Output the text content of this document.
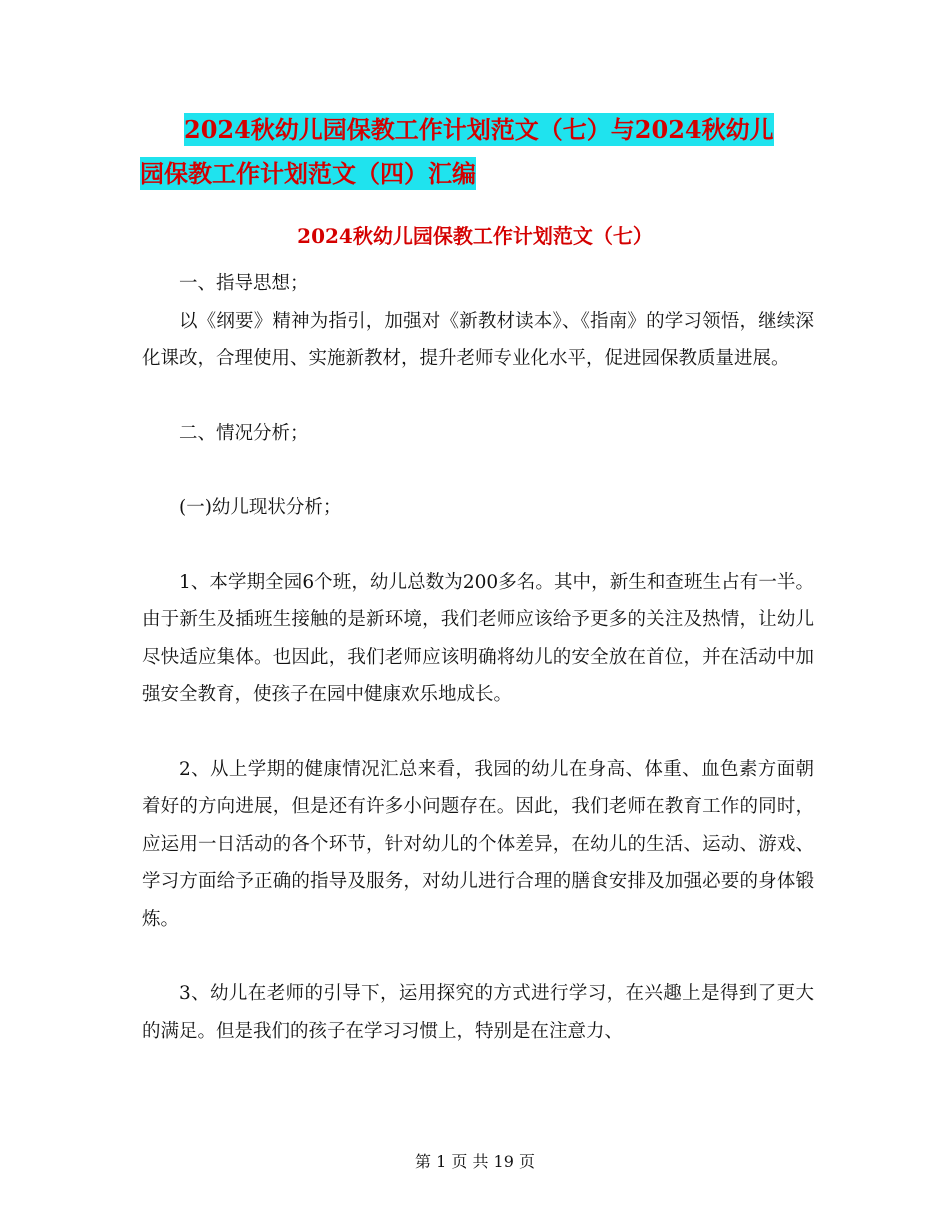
2024秋幼儿园保教工作计划范文（七）与2024秋幼儿
园保教工作计划范文（四）汇编
2024秋幼儿园保教工作计划范文（七）

一、指导思想；

以《纲要》精神为指引，加强对《新教材读本》、《指南》的学习领悟，继续深化课改，合理使用、实施新教材，提升老师专业化水平，促进园保教质量进展。

二、情况分析；

(一)幼儿现状分析；

1、本学期全园6个班，幼儿总数为200多名。其中，新生和查班生占有一半。由于新生及插班生接触的是新环境，我们老师应该给予更多的关注及热情，让幼儿尽快适应集体。也因此，我们老师应该明确将幼儿的安全放在首位，并在活动中加强安全教育，使孩子在园中健康欢乐地成长。

2、从上学期的健康情况汇总来看，我园的幼儿在身高、体重、血色素方面朝着好的方向进展，但是还有许多小问题存在。因此，我们老师在教育工作的同时，应运用一日活动的各个环节，针对幼儿的个体差异，在幼儿的生活、运动、游戏、学习方面给予正确的指导及服务，对幼儿进行合理的膳食安排及加强必要的身体锻炼。

3、幼儿在老师的引导下，运用探究的方式进行学习，在兴趣上是得到了更大的满足。但是我们的孩子在学习习惯上，特别是在注意力、

第 1 页 共 19 页
